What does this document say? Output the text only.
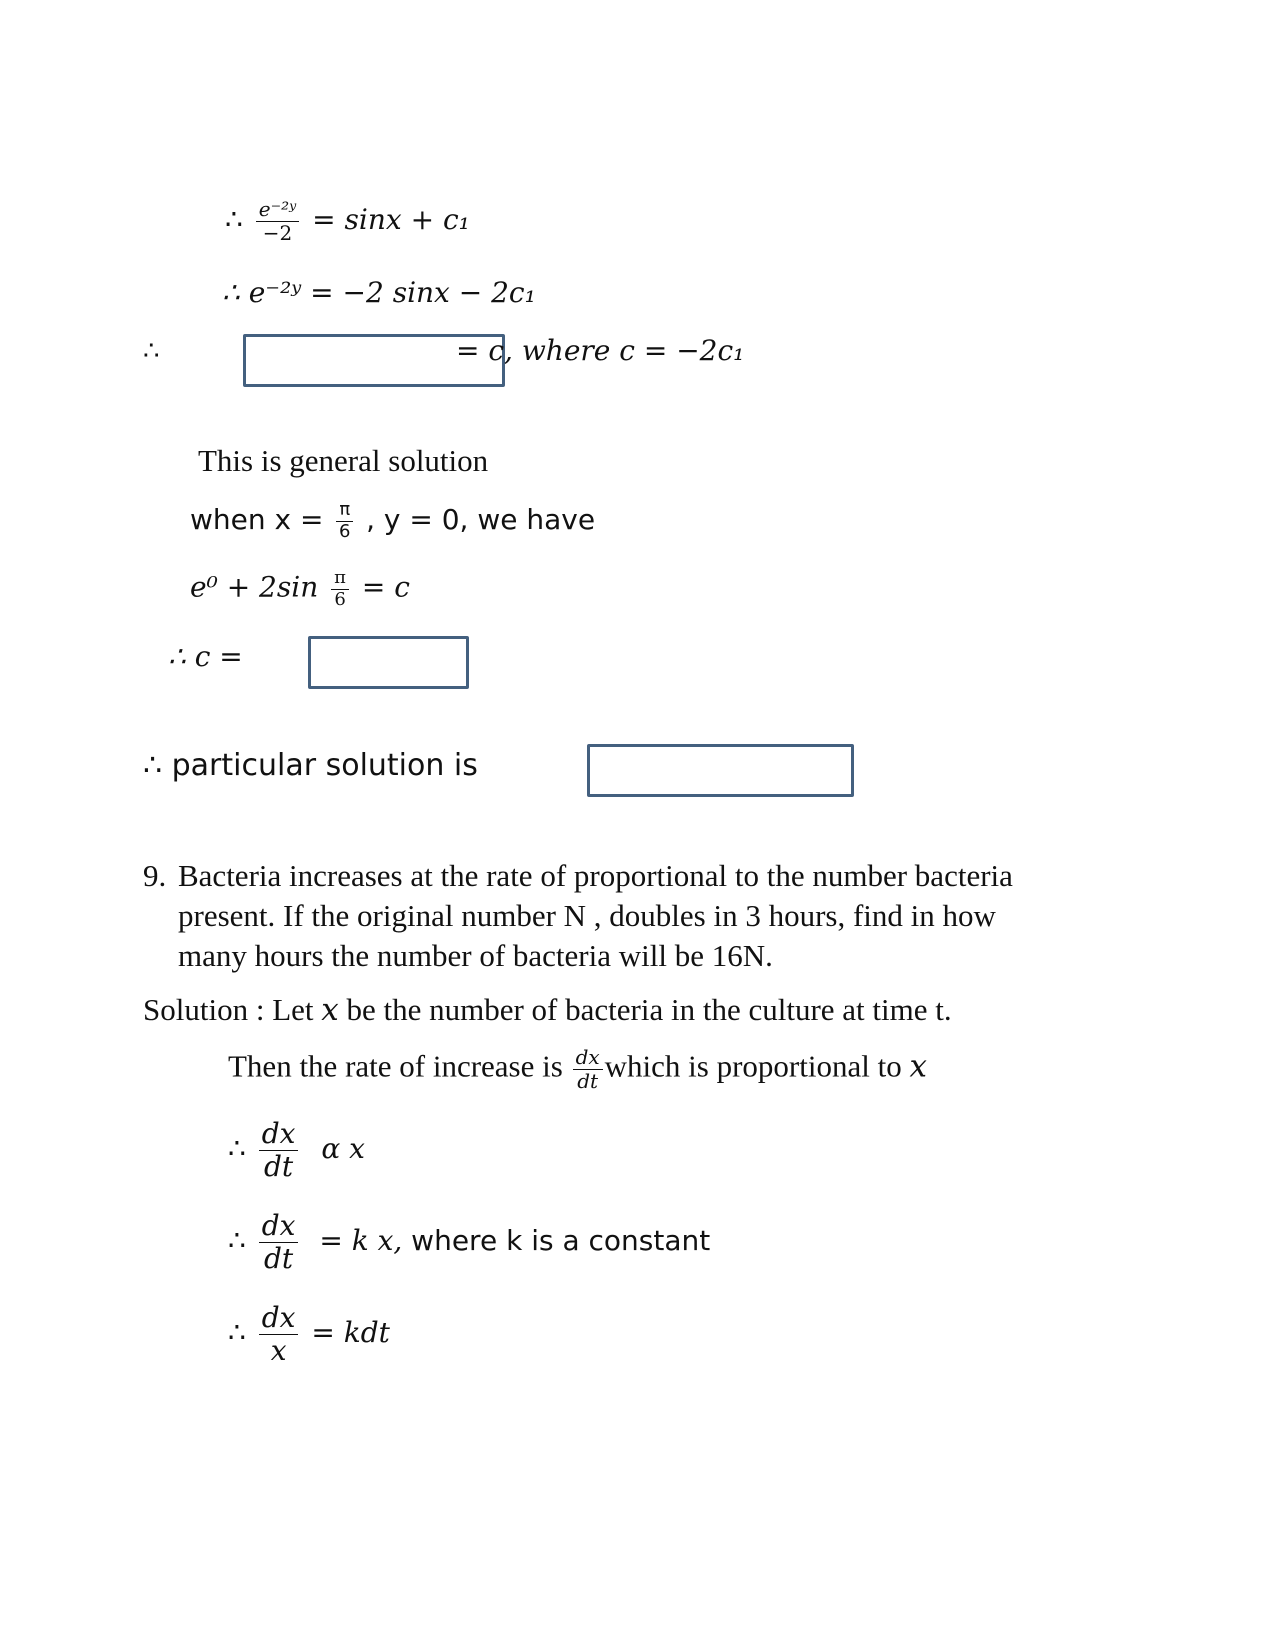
∴ $\frac{\text{e⁻²ʸ}}{-2} = \sin x + c_1$
∴ e⁻²ʸ = −2 sinx − 2c₁
∴	= c, where c = −2c₁
This is general solution
when $x = \frac{\pi}{6}$ , y = 0, we have
$e^0 + 2\sin \frac{\pi}{6} = c$
∴ c =
∴ particular solution is
9. Bacteria increases at the rate of proportional to the number bacteria
present. If the original number N , doubles in 3 hours, find in how
many hours the number of bacteria will be 16N.
Solution : Let x be the number of bacteria in the culture at time t.
Then the rate of increase is $\frac{dx}{dt}$ which is proportional to x
∴ $\frac{dx}{dt}$ α x
∴ $\frac{dx}{dt} = k$ x, where k is a constant
∴ $\frac{dx}{x}$ = kdt
